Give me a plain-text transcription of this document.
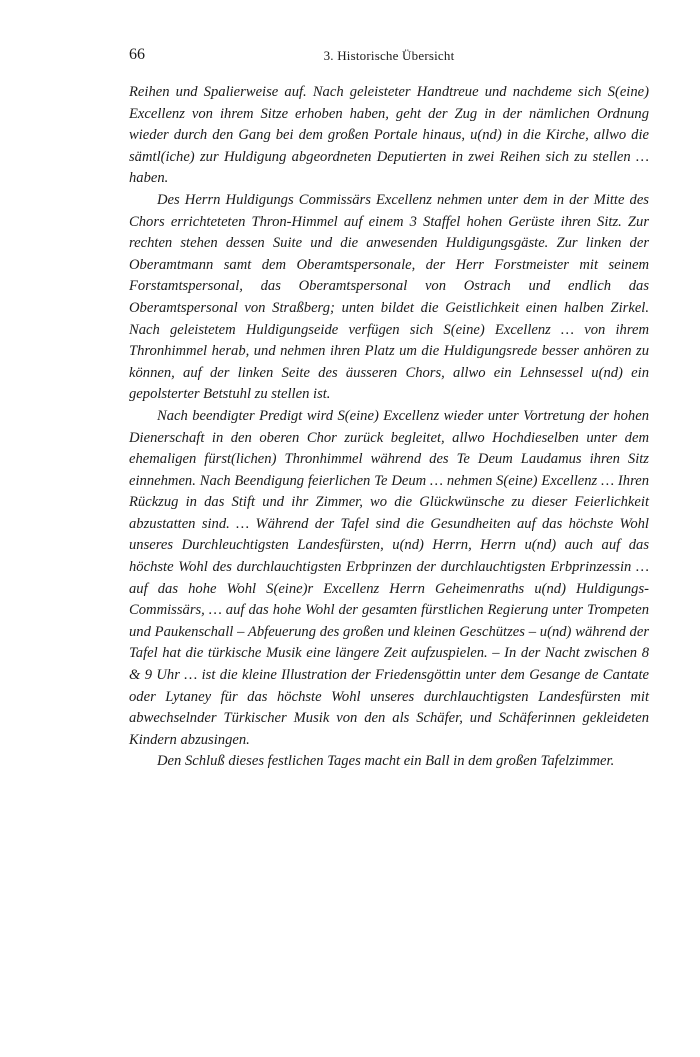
66	3. Historische Übersicht

Reihen und Spalierweise auf. Nach geleisteter Handtreue und nachdeme sich S(eine) Excellenz von ihrem Sitze erhoben haben, geht der Zug in der nämlichen Ordnung wieder durch den Gang bei dem großen Portale hinaus, u(nd) in die Kirche, allwo die sämtl(iche) zur Huldigung abgeordneten Deputierten in zwei Reihen sich zu stellen … haben.

Des Herrn Huldigungs Commissärs Excellenz nehmen unter dem in der Mitte des Chors errichteteten Thron-Himmel auf einem 3 Staffel hohen Gerüste ihren Sitz. Zur rechten stehen dessen Suite und die anwesenden Huldigungsgäste. Zur linken der Oberamtmann samt dem Oberamtspersonale, der Herr Forstmeister mit seinem Forstamtspersonal, das Oberamtspersonal von Ostrach und endlich das Oberamtspersonal von Straßberg; unten bildet die Geistlichkeit einen halben Zirkel. Nach geleistetem Huldigungseide verfügen sich S(eine) Excellenz … von ihrem Thronhimmel herab, und nehmen ihren Platz um die Huldigungsrede besser anhören zu können, auf der linken Seite des äusseren Chors, allwo ein Lehnsessel u(nd) ein gepolsterter Betstuhl zu stellen ist.

Nach beendigter Predigt wird S(eine) Excellenz wieder unter Vortretung der hohen Dienerschaft in den oberen Chor zurück begleitet, allwo Hochdieselben unter dem ehemaligen fürst(lichen) Thronhimmel während des Te Deum Laudamus ihren Sitz einnehmen. Nach Beendigung feierlichen Te Deum … nehmen S(eine) Excellenz … Ihren Rückzug in das Stift und ihr Zimmer, wo die Glückwünsche zu dieser Feierlichkeit abzustatten sind. … Während der Tafel sind die Gesundheiten auf das höchste Wohl unseres Durchleuchtigsten Landesfürsten, u(nd) Herrn, Herrn u(nd) auch auf das höchste Wohl des durchlauchtigsten Erbprinzen der durchlauchtigsten Erbprinzessin … auf das hohe Wohl S(eine)r Excellenz Herrn Geheimenraths u(nd) Huldigungs-Commissärs, … auf das hohe Wohl der gesamten fürstlichen Regierung unter Trompeten und Paukenschall – Abfeuerung des großen und kleinen Geschützes – u(nd) während der Tafel hat die türkische Musik eine längere Zeit aufzuspielen. – In der Nacht zwischen 8 & 9 Uhr … ist die kleine Illustration der Friedensgöttin unter dem Gesange de Cantate oder Lytaney für das höchste Wohl unseres durchlauchtigsten Landesfürsten mit abwechselnder Türkischer Musik von den als Schäfer, und Schäferinnen gekleideten Kindern abzusingen.

Den Schluß dieses festlichen Tages macht ein Ball in dem großen Tafelzimmer.
